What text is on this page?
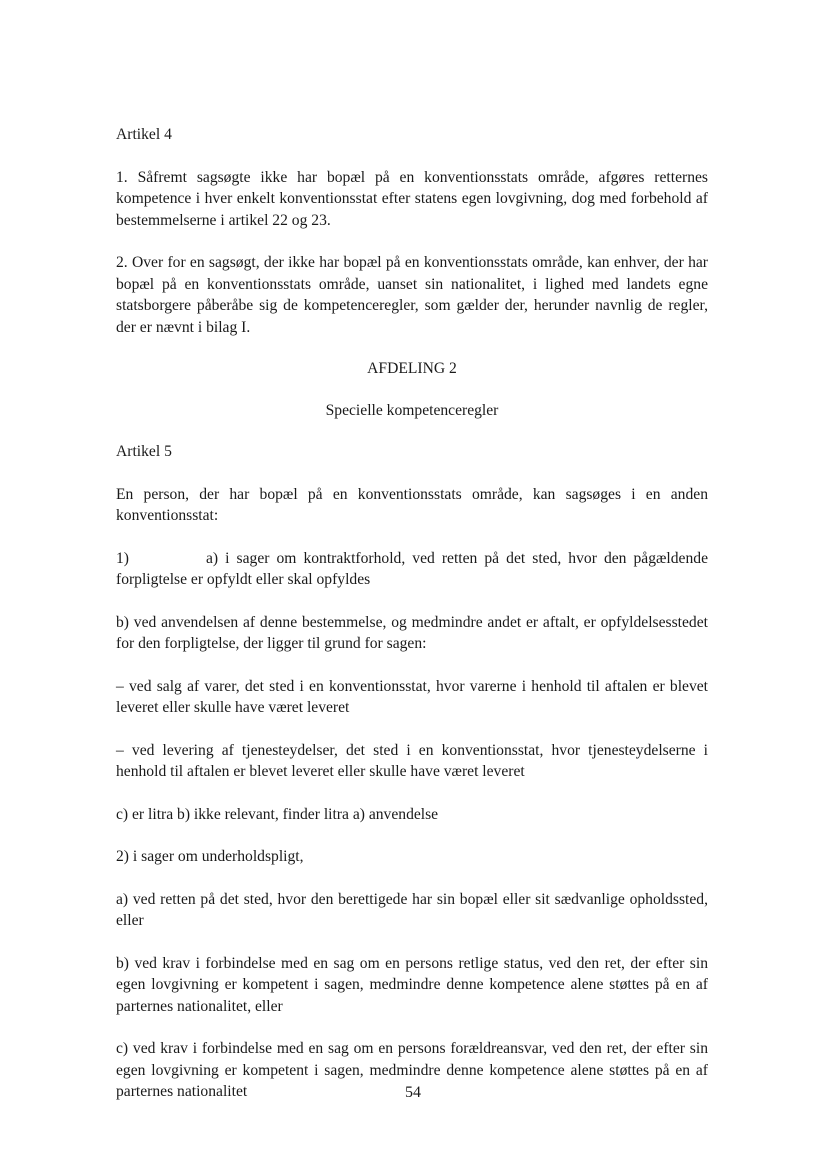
Artikel 4

1. Såfremt sagsøgte ikke har bopæl på en konventionsstats område, afgøres retternes kompetence i hver enkelt konventionsstat efter statens egen lovgivning, dog med forbehold af bestemmelserne i artikel 22 og 23.

2. Over for en sagsøgt, der ikke har bopæl på en konventionsstats område, kan enhver, der har bopæl på en konventionsstats område, uanset sin nationalitet, i lighed med landets egne statsborgere påberåbe sig de kompetenceregler, som gælder der, herunder navnlig de regler, der er nævnt i bilag I.

AFDELING 2

Specielle kompetenceregler

Artikel 5

En person, der har bopæl på en konventionsstats område, kan sagsøges i en anden konventionsstat:

1)	a) i sager om kontraktforhold, ved retten på det sted, hvor den pågældende forpligtelse er opfyldt eller skal opfyldes

b) ved anvendelsen af denne bestemmelse, og medmindre andet er aftalt, er opfyldelsesstedet for den forpligtelse, der ligger til grund for sagen:

– ved salg af varer, det sted i en konventionsstat, hvor varerne i henhold til aftalen er blevet leveret eller skulle have været leveret

– ved levering af tjenesteydelser, det sted i en konventionsstat, hvor tjenesteydelserne i henhold til aftalen er blevet leveret eller skulle have været leveret

c) er litra b) ikke relevant, finder litra a) anvendelse

2) i sager om underholdspligt,

a) ved retten på det sted, hvor den berettigede har sin bopæl eller sit sædvanlige opholdssted, eller

b) ved krav i forbindelse med en sag om en persons retlige status, ved den ret, der efter sin egen lovgivning er kompetent i sagen, medmindre denne kompetence alene støttes på en af parternes nationalitet, eller

c) ved krav i forbindelse med en sag om en persons forældreansvar, ved den ret, der efter sin egen lovgivning er kompetent i sagen, medmindre denne kompetence alene støttes på en af parternes nationalitet	54
